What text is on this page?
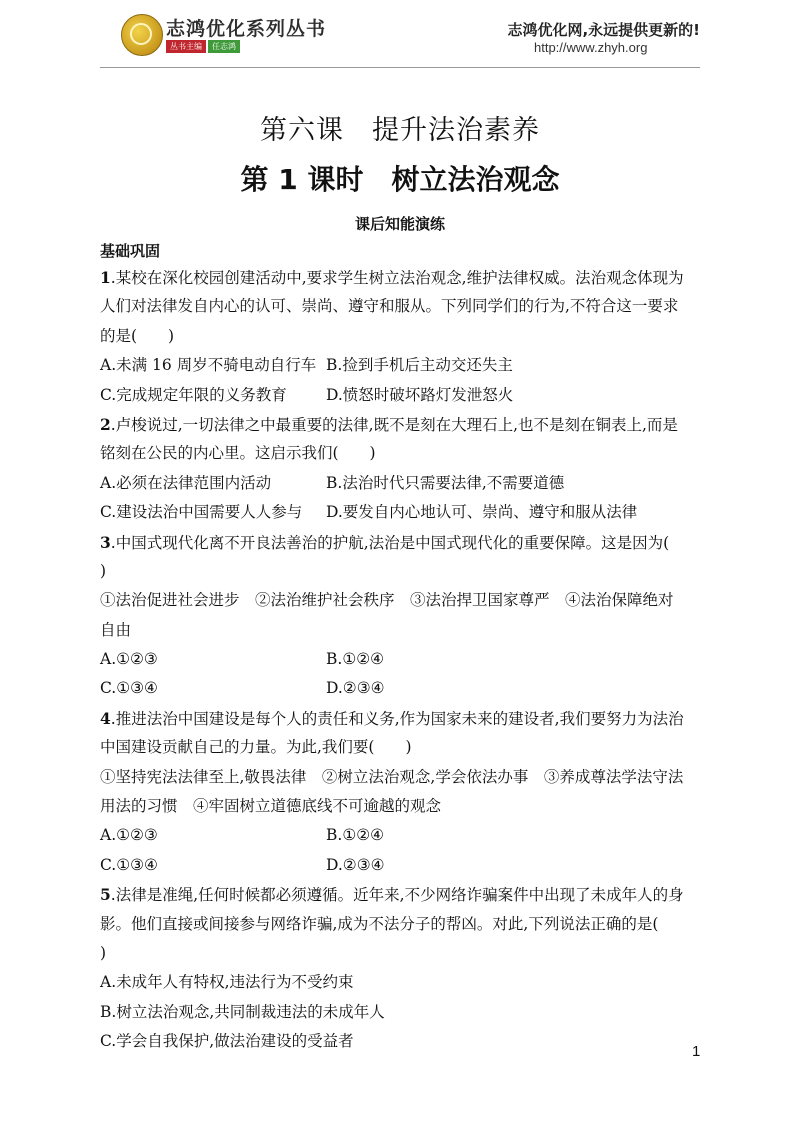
志鸿优化系列丛书
丛书主编	任志鸿
志鸿优化网,永远提供更新的!
http://www.zhyh.org
第六课　提升法治素养
第 1 课时　树立法治观念
课后知能演练
基础巩固
1.某校在深化校园创建活动中,要求学生树立法治观念,维护法律权威。法治观念体现为
人们对法律发自内心的认可、崇尚、遵守和服从。下列同学们的行为,不符合这一要求
的是(　　)
A.未满 16 周岁不骑电动自行车 B.捡到手机后主动交还失主
C.完成规定年限的义务教育	D.愤怒时破坏路灯发泄怒火
2.卢梭说过,一切法律之中最重要的法律,既不是刻在大理石上,也不是刻在铜表上,而是
铭刻在公民的内心里。这启示我们(　　)
A.必须在法律范围内活动	B.法治时代只需要法律,不需要道德
C.建设法治中国需要人人参与	D.要发自内心地认可、崇尚、遵守和服从法律
3.中国式现代化离不开良法善治的护航,法治是中国式现代化的重要保障。这是因为(
)
①法治促进社会进步　②法治维护社会秩序　③法治捍卫国家尊严　④法治保障绝对
自由
A.①②③	B.①②④
C.①③④	D.②③④
4.推进法治中国建设是每个人的责任和义务,作为国家未来的建设者,我们要努力为法治
中国建设贡献自己的力量。为此,我们要(　　)
①坚持宪法法律至上,敬畏法律　②树立法治观念,学会依法办事　③养成尊法学法守法
用法的习惯　④牢固树立道德底线不可逾越的观念
A.①②③	B.①②④
C.①③④	D.②③④
5.法律是准绳,任何时候都必须遵循。近年来,不少网络诈骗案件中出现了未成年人的身
影。他们直接或间接参与网络诈骗,成为不法分子的帮凶。对此,下列说法正确的是(
)
A.未成年人有特权,违法行为不受约束
B.树立法治观念,共同制裁违法的未成年人
C.学会自我保护,做法治建设的受益者
1
